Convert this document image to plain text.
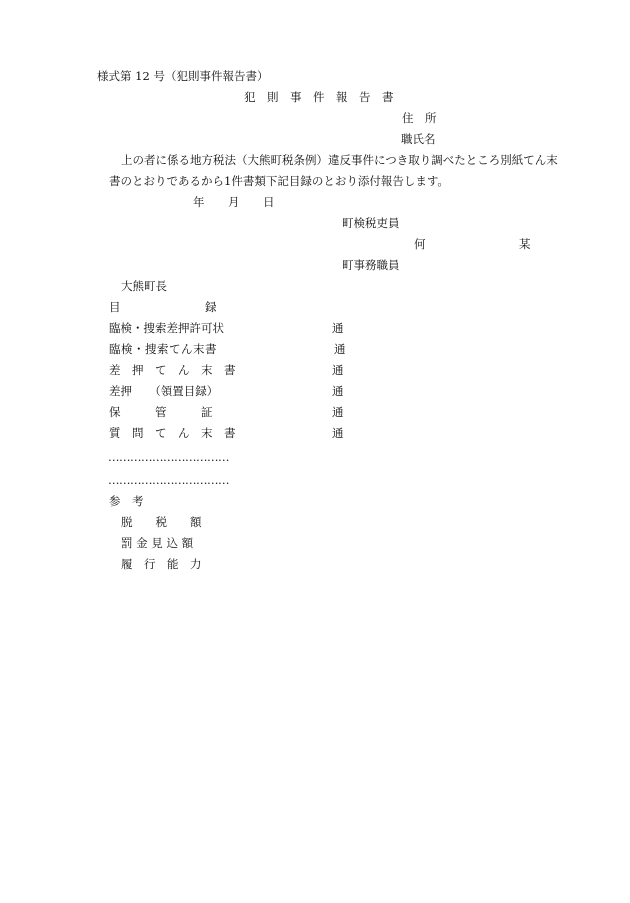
様式第 12 号（犯則事件報告書）
犯　則　事　件　報　告　書
住　所
職氏名
上の者に係る地方税法（大熊町税条例）違反事件につき取り調べたところ別紙てん末
書のとおりであるから1件書類下記目録のとおり添付報告します。
年 月 日
町検税吏員
何	某
町事務職員
大熊町長
目	録
臨検・捜索差押許可状	通
臨検・捜索てん末書	通
差　押　て　ん　末　書	通
差押　　（領置目録）	通
保　　　管　　　証	通
質　問　て　ん　末　書	通
……………………………
……………………………
参　考
脱　　税　　額
罰 金 見 込 額
履　行　能　力
